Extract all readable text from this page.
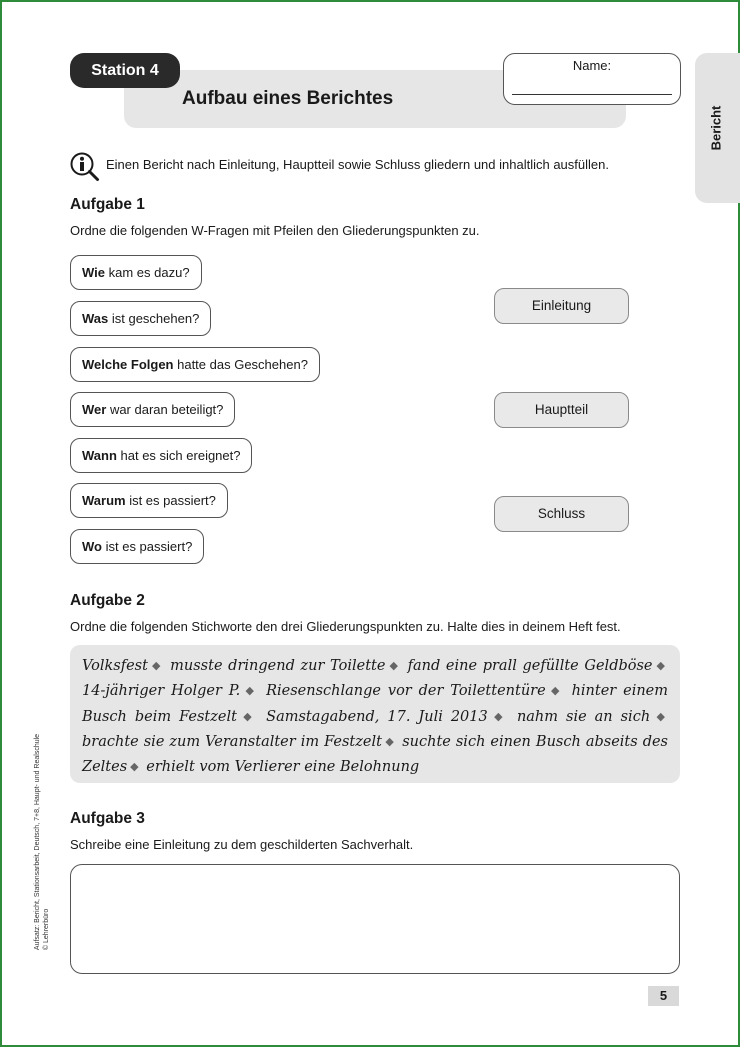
Station 4
Aufbau eines Berichtes
Name:
Bericht
Einen Bericht nach Einleitung, Hauptteil sowie Schluss gliedern und inhaltlich ausfüllen.
Aufgabe 1
Ordne die folgenden W-Fragen mit Pfeilen den Gliederungspunkten zu.
Wie kam es dazu?
Was ist geschehen?
Welche Folgen hatte das Geschehen?
Wer war daran beteiligt?
Wann hat es sich ereignet?
Warum ist es passiert?
Wo ist es passiert?
Einleitung
Hauptteil
Schluss
Aufgabe 2
Ordne die folgenden Stichworte den drei Gliederungspunkten zu. Halte dies in deinem Heft fest.
Volksfest ◆ musste dringend zur Toilette ◆ fand eine prall gefüllte Geldböse ◆ 14-jähriger Holger P. ◆ Riesenschlange vor der Toilettentüre ◆ hinter einem Busch beim Festzelt ◆ Samstagabend, 17. Juli 2013 ◆ nahm sie an sich ◆ brachte sie zum Veranstalter im Festzelt ◆ suchte sich einen Busch abseits des Zeltes ◆ erhielt vom Verlierer eine Belohnung
Aufgabe 3
Schreibe eine Einleitung zu dem geschilderten Sachverhalt.
5
Aufsatz: Bericht, Stationsarbeit, Deutsch, 7+8, Haupt- und Realschule © Lehrerbüro
